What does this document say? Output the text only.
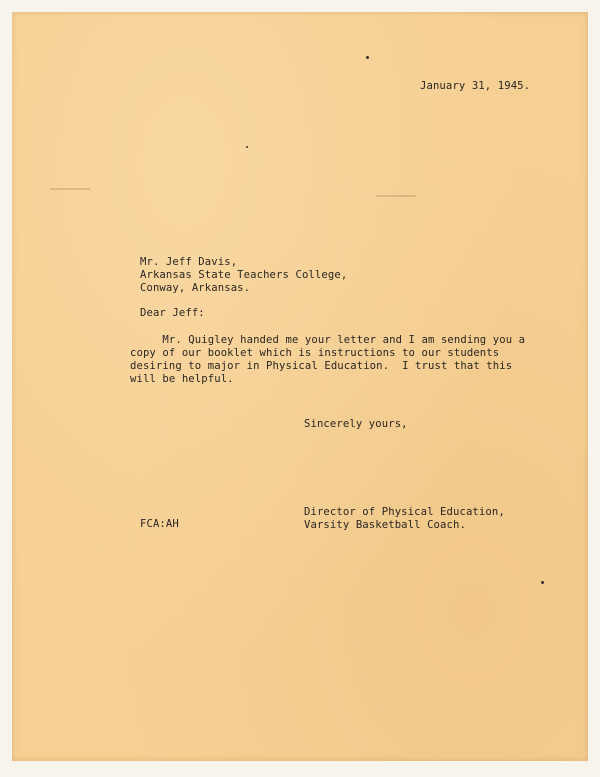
January 31, 1945.
Mr. Jeff Davis,
Arkansas State Teachers College,
Conway, Arkansas.
Dear Jeff:
Mr. Quigley handed me your letter and I am sending you a
copy of our booklet which is instructions to our students
desiring to major in Physical Education.  I trust that this
will be helpful.
Sincerely yours,
Director of Physical Education,
Varsity Basketball Coach.
FCA:AH
